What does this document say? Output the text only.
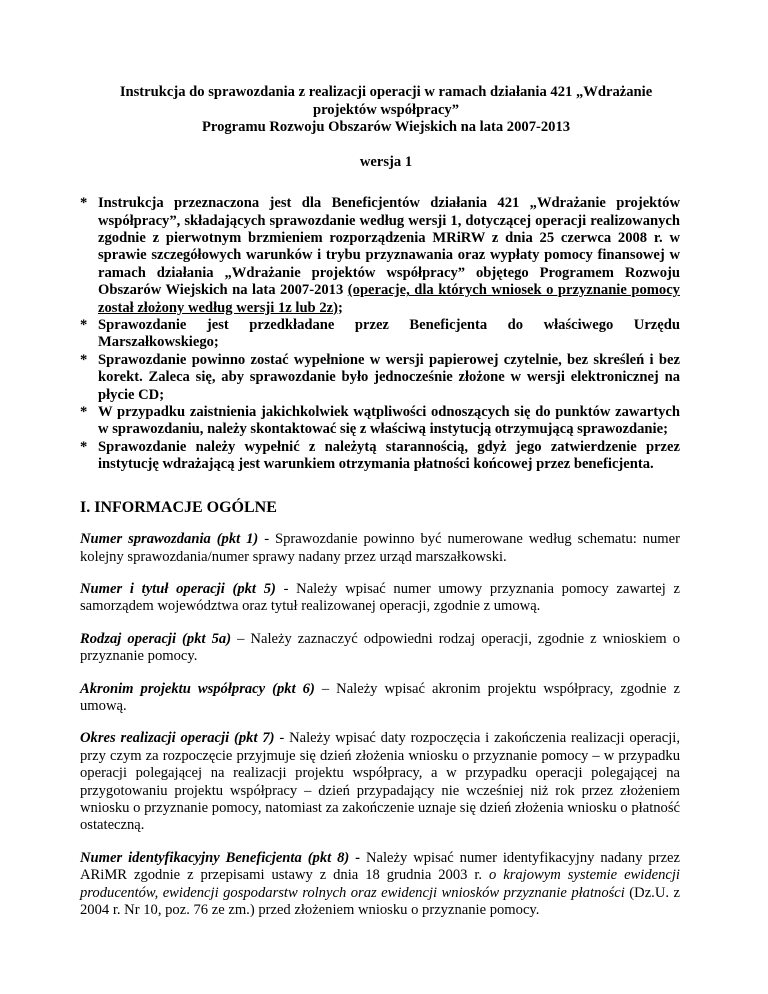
Instrukcja do sprawozdania z realizacji operacji w ramach działania 421 „Wdrażanie
projektów współpracy”
Programu Rozwoju Obszarów Wiejskich na lata 2007-2013

wersja 1

* Instrukcja przeznaczona jest dla Beneficjentów działania 421 „Wdrażanie projektów współpracy”, składających sprawozdanie według wersji 1, dotyczącej operacji realizowanych zgodnie z pierwotnym brzmieniem rozporządzenia MRiRW z dnia 25 czerwca 2008 r. w sprawie szczegółowych warunków i trybu przyznawania oraz wypłaty pomocy finansowej w ramach działania „Wdrażanie projektów współpracy” objętego Programem Rozwoju Obszarów Wiejskich na lata 2007-2013 (operacje, dla których wniosek o przyznanie pomocy został złożony według wersji 1z lub 2z);
* Sprawozdanie jest przedkładane przez Beneficjenta do właściwego Urzędu Marszałkowskiego;
* Sprawozdanie powinno zostać wypełnione w wersji papierowej czytelnie, bez skreśleń i bez korekt. Zaleca się, aby sprawozdanie było jednocześnie złożone w wersji elektronicznej na płycie CD;
* W przypadku zaistnienia jakichkolwiek wątpliwości odnoszących się do punktów zawartych w sprawozdaniu, należy skontaktować się z właściwą instytucją otrzymującą sprawozdanie;
* Sprawozdanie należy wypełnić z należytą starannością, gdyż jego zatwierdzenie przez instytucję wdrażającą jest warunkiem otrzymania płatności końcowej przez beneficjenta.
I. INFORMACJE OGÓLNE

Numer sprawozdania (pkt 1) - Sprawozdanie powinno być numerowane według schematu: numer kolejny sprawozdania/numer sprawy nadany przez urząd marszałkowski.

Numer i tytuł operacji (pkt 5) - Należy wpisać numer umowy przyznania pomocy zawartej z samorządem województwa oraz tytuł realizowanej operacji, zgodnie z umową.

Rodzaj operacji (pkt 5a) – Należy zaznaczyć odpowiedni rodzaj operacji, zgodnie z wnioskiem o przyznanie pomocy.

Akronim projektu współpracy (pkt 6) – Należy wpisać akronim projektu współpracy, zgodnie z umową.

Okres realizacji operacji (pkt 7) - Należy wpisać daty rozpoczęcia i zakończenia realizacji operacji, przy czym za rozpoczęcie przyjmuje się dzień złożenia wniosku o przyznanie pomocy – w przypadku operacji polegającej na realizacji projektu współpracy, a w przypadku operacji polegającej na przygotowaniu projektu współpracy – dzień przypadający nie wcześniej niż rok przez złożeniem wniosku o przyznanie pomocy, natomiast za zakończenie uznaje się dzień złożenia wniosku o płatność ostateczną.

Numer identyfikacyjny Beneficjenta (pkt 8) - Należy wpisać numer identyfikacyjny nadany przez ARiMR zgodnie z przepisami ustawy z dnia 18 grudnia 2003 r. o krajowym systemie ewidencji producentów, ewidencji gospodarstw rolnych oraz ewidencji wniosków przyznanie płatności (Dz.U. z 2004 r. Nr 10, poz. 76 ze zm.) przed złożeniem wniosku o przyznanie pomocy.
